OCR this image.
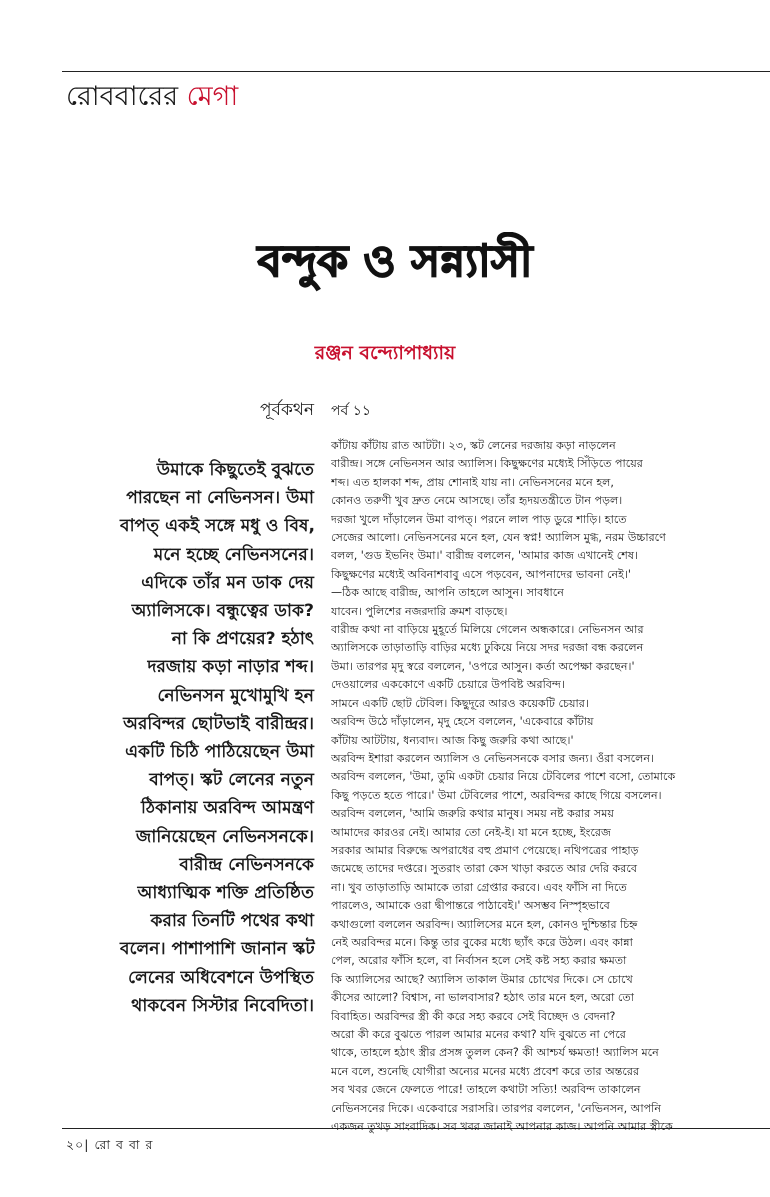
রোববারের মেগা
বন্দুক ও সন্ন্যাসী
রঞ্জন বন্দ্যোপাধ্যায়
পূর্বকথন পর্ব ১১

উমাকে কিছুতেই বুঝতে
পারছেন না নেভিনসন। উমা
বাপত্ একই সঙ্গে মধু ও বিষ,
মনে হচ্ছে নেভিনসনের।
এদিকে তাঁর মন ডাক দেয়
অ্যালিসকে। বন্ধুত্বের ডাক?
না কি প্রণয়ের? হঠাৎ
দরজায় কড়া নাড়ার শব্দ।
নেভিনসন মুখোমুখি হন
অরবিন্দর ছোটভাই বারীন্দ্রর।
একটি চিঠি পাঠিয়েছেন উমা
বাপত্। স্কট লেনের নতুন
ঠিকানায় অরবিন্দ আমন্ত্রণ
জানিয়েছেন নেভিনসনকে।
বারীন্দ্র নেভিনসনকে
আধ্যাত্মিক শক্তি প্রতিষ্ঠিত
করার তিনটি পথের কথা
বলেন। পাশাপাশি জানান স্কট
লেনের অধিবেশনে উপস্থিত
থাকবেন সিস্টার নিবেদিতা।

কাঁটায় কাঁটায় রাত আটটা। ২৩, স্কট লেনের দরজায় কড়া নাড়লেন
বারীন্দ্র। সঙ্গে নেভিনসন আর অ্যালিস। কিছুক্ষণের মধ্যেই সিঁড়িতে পায়ের
শব্দ। এত হালকা শব্দ, প্রায় শোনাই যায় না। নেভিনসনের মনে হল,
কোনও তরুণী খুব দ্রুত নেমে আসছে। তাঁর হৃদয়তন্ত্রীতে টান পড়ল।
দরজা খুলে দাঁড়ালেন উমা বাপত্। পরনে লাল পাড় ডুরে শাড়ি। হাতে
সেজের আলো। নেভিনসনের মনে হল, যেন স্বপ্ন! অ্যালিস মুগ্ধ, নরম উচ্চারণে
বলল, 'গুড ইভনিং উমা।' বারীন্দ্র বললেন, 'আমার কাজ এখানেই শেষ।
কিছুক্ষণের মধ্যেই অবিনাশবাবু এসে পড়বেন, আপনাদের ভাবনা নেই।'
—ঠিক আছে বারীন্দ্র, আপনি তাহলে আসুন। সাবধানে
যাবেন। পুলিশের নজরদারি ক্রমশ বাড়ছে।
বারীন্দ্র কথা না বাড়িয়ে মুহূর্তে মিলিয়ে গেলেন অন্ধকারে। নেভিনসন আর
অ্যালিসকে তাড়াতাড়ি বাড়ির মধ্যে ঢুকিয়ে নিয়ে সদর দরজা বন্ধ করলেন
উমা। তারপর মৃদু স্বরে বললেন, 'ওপরে আসুন। কর্তা অপেক্ষা করছেন।'
দেওয়ালের এককোণে একটি চেয়ারে উপবিষ্ট অরবিন্দ।
সামনে একটি ছোট টেবিল। কিছুদূরে আরও কয়েকটি চেয়ার।
অরবিন্দ উঠে দাঁড়ালেন, মৃদু হেসে বললেন, 'একেবারে কাঁটায়
কাঁটায় আটটায়, ধন্যবাদ। আজ কিছু জরুরি কথা আছে।'
অরবিন্দ ইশারা করলেন অ্যালিস ও নেভিনসনকে বসার জন্য। ওঁরা বসলেন।
অরবিন্দ বললেন, 'উমা, তুমি একটা চেয়ার নিয়ে টেবিলের পাশে বসো, তোমাকে
কিছু পড়তে হতে পারে।' উমা টেবিলের পাশে, অরবিন্দর কাছে গিয়ে বসলেন।
অরবিন্দ বললেন, 'আমি জরুরি কথার মানুষ। সময় নষ্ট করার সময়
আমাদের কারওর নেই। আমার তো নেই-ই। যা মনে হচ্ছে, ইংরেজ
সরকার আমার বিরুদ্ধে অপরাধের বহু প্রমাণ পেয়েছে। নথিপত্রের পাহাড়
জমেছে তাদের দপ্তরে। সুতরাং তারা কেস খাড়া করতে আর দেরি করবে
না। খুব তাড়াতাড়ি আমাকে তারা গ্রেপ্তার করবে। এবং ফাঁসি না দিতে
পারলেও, আমাকে ওরা দ্বীপান্তরে পাঠাবেই।' অসম্ভব নিস্পৃহভাবে
কথাগুলো বললেন অরবিন্দ। অ্যালিসের মনে হল, কোনও দুশ্চিন্তার চিহ্ন
নেই অরবিন্দর মনে। কিন্তু তার বুকের মধ্যে ছ্যাঁৎ করে উঠল। এবং কান্না
পেল, অরোর ফাঁসি হলে, বা নির্বাসন হলে সেই কষ্ট সহ্য করার ক্ষমতা
কি অ্যালিসের আছে? অ্যালিস তাকাল উমার চোখের দিকে। সে চোখে
কীসের আলো? বিশ্বাস, না ভালবাসার? হঠাৎ তার মনে হল, অরো তো
বিবাহিত। অরবিন্দর স্ত্রী কী করে সহ্য করবে সেই বিচ্ছেদ ও বেদনা?
অরো কী করে বুঝতে পারল আমার মনের কথা? যদি বুঝতে না পেরে
থাকে, তাহলে হঠাৎ স্ত্রীর প্রসঙ্গ তুলল কেন? কী আশ্চর্য ক্ষমতা! অ্যালিস মনে
মনে বলে, শুনেছি যোগীরা অন্যের মনের মধ্যে প্রবেশ করে তার অন্তরের
সব খবর জেনে ফেলতে পারে! তাহলে কথাটা সত্যি! অরবিন্দ তাকালেন
নেভিনসনের দিকে। একেবারে সরাসরি। তারপর বললেন, 'নেভিনসন, আপনি
একজন তুখড় সাংবাদিক। সব খবর জানাই আপনার কাজ। আপনি আমার স্ত্রীকে

২০| রো ব বা র
